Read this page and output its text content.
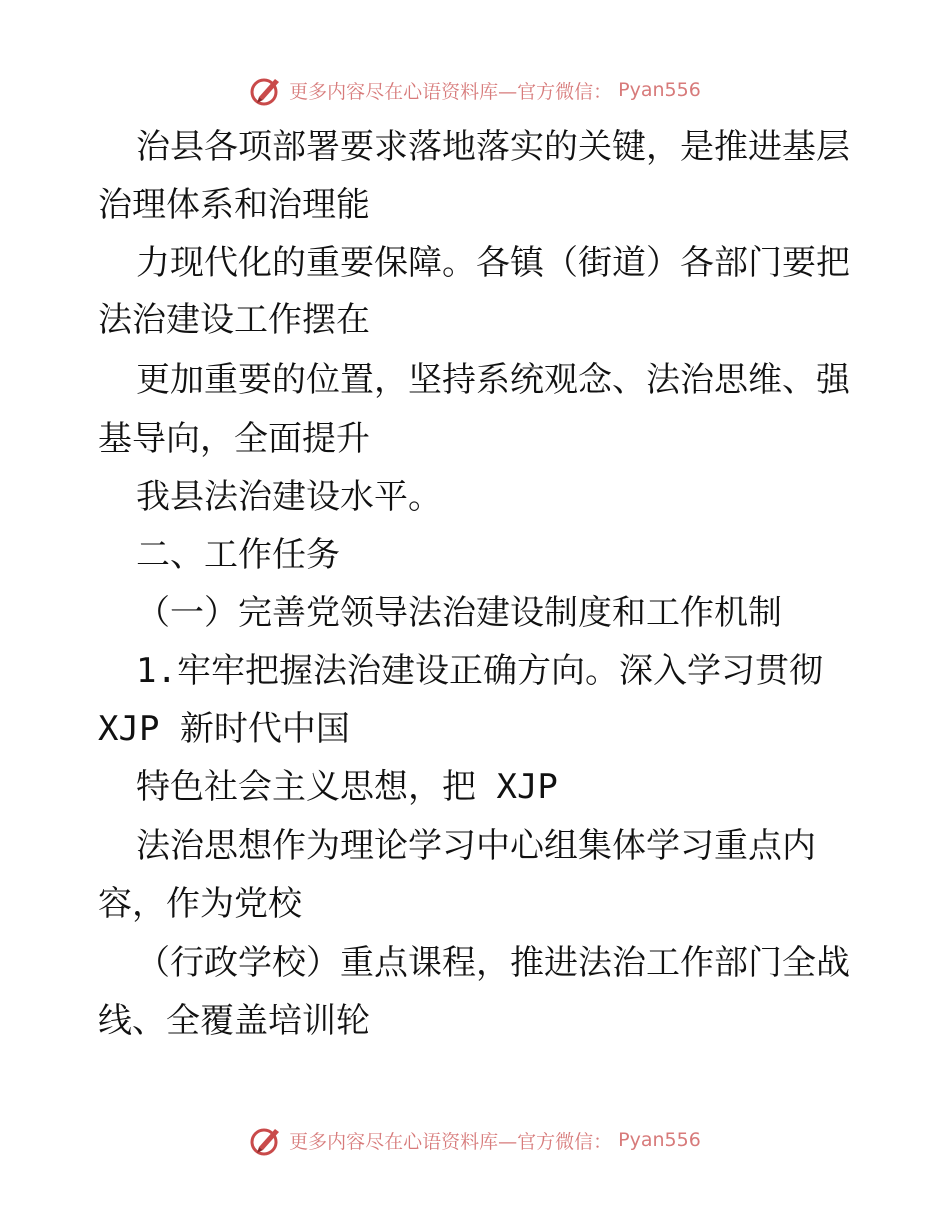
更多内容尽在心语资料库—官方微信： Pyan556
治县各项部署要求落地落实的关键，是推进基层
治理体系和治理能
力现代化的重要保障。各镇（街道）各部门要把
法治建设工作摆在
更加重要的位置，坚持系统观念、法治思维、强
基导向，全面提升
我县法治建设水平。
二、工作任务
（一）完善党领导法治建设制度和工作机制
1.牢牢把握法治建设正确方向。深入学习贯彻
XJP 新时代中国
特色社会主义思想，把 XJP
法治思想作为理论学习中心组集体学习重点内
容，作为党校
（行政学校）重点课程，推进法治工作部门全战
线、全覆盖培训轮
更多内容尽在心语资料库—官方微信： Pyan556
